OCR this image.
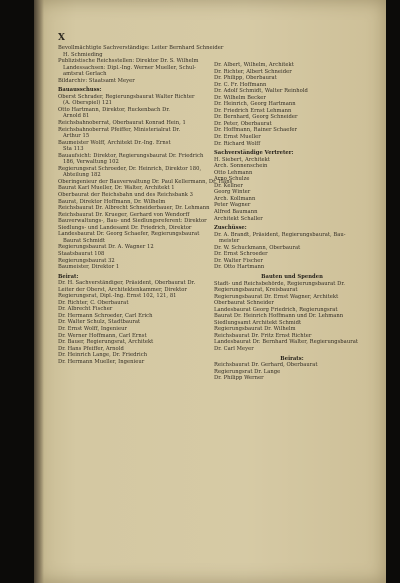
X
Bevollmächtigte Sachverständige: Leiter Bernhard Schneider
H. Schmieding
Publizistische Reichsstellen: Direktor Dr. S. Wilhelm
Landessachsen: Dipl.-Ing. Werner Mueller, Schul-
amtsrat Gerlach
Bildarchiv: Staatsamt Meyer
Bauausschuss:
Oberst Schrader, Regierungsbaurat Walter Richter
(A. Oberspiel) 121
Otto Hartmann, Direktor, Ruckenbach Dr.
Arnold 81
Reichsbahnoberrat, Oberbaurat Konrad Hein, 1
Reichsbahnoberrat Pfeiffer, Ministerialrat Dr.
Arthur 15
Baumeister Wolff, Architekt Dr.-Ing. Ernst
Sta 113
Bauaufsicht: Direktor, Regierungsbaurat Dr. Friedrich
186, Verwaltung 102
Regierungsrat Schroeder, Dr. Heinrich, Direktor 180,
Abteilung 182
Oberingenieur der Bauverwaltung Dr. Paul Kellermann, Dr. Hans
Baurat Karl Mueller, Dr. Walter, Architekt 1
Oberbaurat der Reichsbahn und des Reichsbank 3
Baurat, Direktor Hoffmann, Dr. Wilhelm
Reichsbaurat Dr. Albrecht Schneiderbauer, Dr. Lehmann
Reichsbaurat Dr. Krueger, Gerhard von Wendorff
Bauverwaltungs-, Bau- und Siedlungsreferent: Direktor
Siedlungs- und Landesamt Dr. Friedrich, Direktor
Landesbaurat Dr. Georg Schaefer, Regierungsbaurat
Baurat Schmidt
Regierungsbaurat Dr. A. Wagner 12
Staatsbaurat 108
Regierungsbaurat 32
Baumeister, Direktor 1
Beirat:
Dr. H. Sachverständiger, Präsident, Oberbaurat Dr.
Leiter der Oberst, Architektenkammer, Direktor
Regierungsrat, Dipl.-Ing. Ernst 102, 121, 81
Dr. Richter, C. Oberbaurat
Dr. Albrecht Fischer
Dr. Hermann Schroeder, Carl Erich
Dr. Walter Schulz, Stadtbaurat
Dr. Ernst Wolff, Ingenieur
Dr. Werner Hoffmann, Carl Ernst
Dr. Bauer, Regierungsrat, Architekt
Dr. Hans Pfeiffer, Arnold
Dr. Heinrich Lange, Dr. Friedrich
Dr. Hermann Mueller, Ingenieur
Dr. Albert, Wilhelm, Architekt
Dr. Richter, Albert Schneider
Dr. Philipp, Oberbaurat
Dr. C. Fr. Hoffmann
Dr. Adolf Schmidt, Walter Reinhold
Dr. Wilhelm Becker
Dr. Heinrich, Georg Hartmann
Dr. Friedrich Ernst Lehmann
Dr. Bernhard, Georg Schneider
Dr. Peter, Oberbaurat
Dr. Hoffmann, Rainer Schaefer
Dr. Ernst Mueller
Dr. Richard Wolff
Sachverständige Vertreter:
H. Siebert, Architekt
Arch. Sonnenschein
Otto Lehmann
Arno Schulze
Dr. Kellner
Georg Winter
Arch. Kollmann
Peter Wagner
Alfred Baumann
Architekt Schaller
Zuschüsse:
Dr. A. Brandt, Präsident, Regierungsbaurat, Bau-
meister
Dr. W. Schuckmann, Oberbaurat
Dr. Ernst Schroeder
Dr. Walter Fischer
Dr. Otto Hartmann
Bauten und Spenden
Stadt- und Reichsbehörde, Regierungsbaurat Dr.
Regierungsbaurat, Kreisbaurat
Regierungsbaurat Dr. Ernst Wagner, Architekt
Oberbaurat Schneider
Landesbaurat Georg Friedrich, Regierungsrat
Baurat Dr. Heinrich Hoffmann und Dr. Lehmann
Siedlungsamt Architekt Schmidt
Regierungsbaurat Dr. Wilhelm
Reichsbaurat Dr. Fritz Ernst Richter
Landesbaurat Dr. Bernhard Walter, Regierungsbaurat
Dr. Carl Meyer
Beirats:
Reichsbaurat Dr. Gerhard, Oberbaurat
Regierungsrat Dr. Lange
Dr. Philipp Werner
